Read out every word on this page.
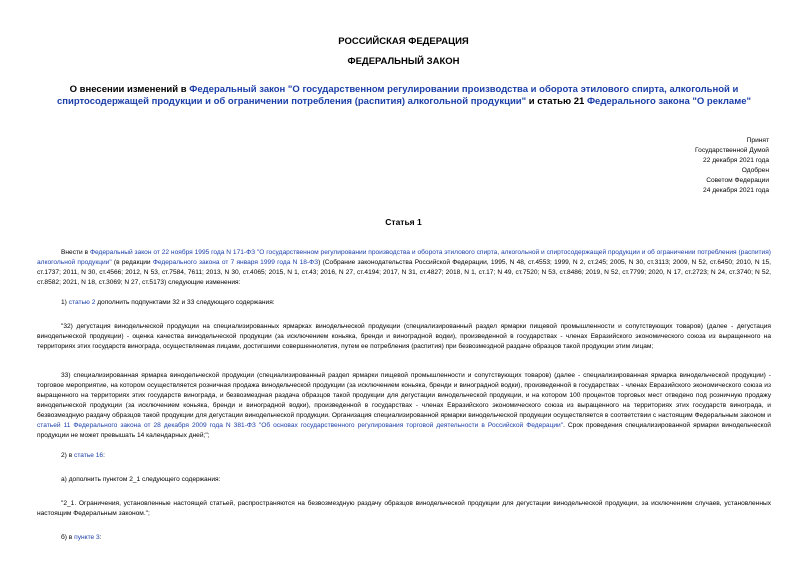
РОССИЙСКАЯ ФЕДЕРАЦИЯ
ФЕДЕРАЛЬНЫЙ ЗАКОН
О внесении изменений в Федеральный закон "О государственном регулировании производства и оборота этилового спирта, алкогольной и спиртосодержащей продукции и об ограничении потребления (распития) алкогольной продукции" и статью 21 Федерального закона "О рекламе"
Принят
Государственной Думой
22 декабря 2021 года
Одобрен
Советом Федерации
24 декабря 2021 года
Статья 1

Внести в Федеральный закон от 22 ноября 1995 года N 171-ФЗ "О государственном регулировании производства и оборота этилового спирта, алкогольной и спиртосодержащей продукции и об ограничении потребления (распития) алкогольной продукции" (в редакции Федерального закона от 7 января 1999 года N 18-ФЗ) (Собрание законодательства Российской Федерации, 1995, N 48, ст.4553; 1999, N 2, ст.245; 2005, N 30, ст.3113; 2009, N 52, ст.6450; 2010, N 15, ст.1737; 2011, N 30, ст.4566; 2012, N 53, ст.7584, 7611; 2013, N 30, ст.4065; 2015, N 1, ст.43; 2016, N 27, ст.4194; 2017, N 31, ст.4827; 2018, N 1, ст.17; N 49, ст.7520; N 53, ст.8486; 2019, N 52, ст.7799; 2020, N 17, ст.2723; N 24, ст.3740; N 52, ст.8582; 2021, N 18, ст.3069; N 27, ст.5173) следующие изменения:

1) статью 2 дополнить подпунктами 32 и 33 следующего содержания:

"32) дегустация винодельческой продукции на специализированных ярмарках винодельческой продукции (специализированный раздел ярмарки пищевой промышленности и сопутствующих товаров) (далее - дегустация винодельческой продукции) - оценка качества винодельческой продукции (за исключением коньяка, бренди и виноградной водки), произведенной в государствах - членах Евразийского экономического союза из выращенного на территориях этих государств винограда, осуществляемая лицами, достигшими совершеннолетия, путем ее потребления (распития) при безвозмездной раздаче образцов такой продукции этим лицам;

33) специализированная ярмарка винодельческой продукции (специализированный раздел ярмарки пищевой промышленности и сопутствующих товаров) (далее - специализированная ярмарка винодельческой продукции) - торговое мероприятие, на котором осуществляется розничная продажа винодельческой продукции (за исключением коньяка, бренди и виноградной водки), произведенной в государствах - членах Евразийского экономического союза из выращенного на территориях этих государств винограда, и безвозмездная раздача образцов такой продукции для дегустации винодельческой продукции, и на котором 100 процентов торговых мест отведено под розничную продажу винодельческой продукции (за исключением коньяка, бренди и виноградной водки), произведенной в государствах - членах Евразийского экономического союза из выращенного на территориях этих государств винограда, и безвозмездную раздачу образцов такой продукции для дегустации винодельческой продукции. Организация специализированной ярмарки винодельческой продукции осуществляется в соответствии с настоящим Федеральным законом и статьей 11 Федерального закона от 28 декабря 2009 года N 381-ФЗ "Об основах государственного регулирования торговой деятельности в Российской Федерации". Срок проведения специализированной ярмарки винодельческой продукции не может превышать 14 календарных дней;";

2) в статье 16:

а) дополнить пунктом 2_1 следующего содержания:

"2_1. Ограничения, установленные настоящей статьей, распространяются на безвозмездную раздачу образцов винодельческой продукции для дегустации винодельческой продукции, за исключением случаев, установленных настоящим Федеральным законом.";

б) в пункте 3:
